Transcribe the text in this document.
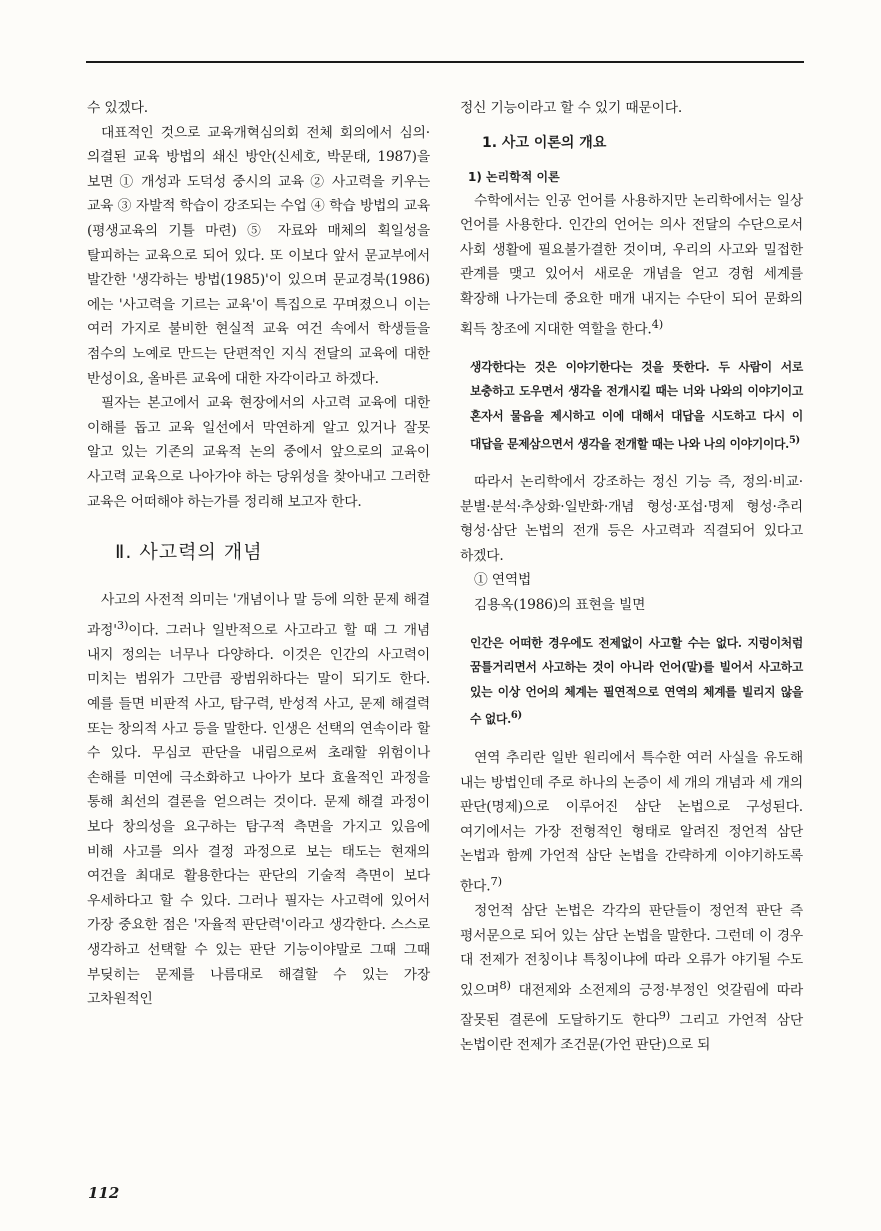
수 있겠다.

대표적인 것으로 교육개혁심의회 전체 회의에서 심의·의결된 교육 방법의 쇄신 방안(신세호, 박문태, 1987)을 보면 ① 개성과 도덕성 중시의 교육 ② 사고력을 키우는 교육 ③ 자발적 학습이 강조되는 수업 ④ 학습 방법의 교육(평생교육의 기틀 마련) ⑤ 자료와 매체의 획일성을 탈피하는 교육으로 되어 있다. 또 이보다 앞서 문교부에서 발간한 '생각하는 방법(1985)'이 있으며 문교경북(1986)에는 '사고력을 기르는 교육'이 특집으로 꾸며졌으니 이는 여러 가지로 불비한 현실적 교육 여건 속에서 학생들을 점수의 노예로 만드는 단편적인 지식 전달의 교육에 대한 반성이요, 올바른 교육에 대한 자각이라고 하겠다.

필자는 본고에서 교육 현장에서의 사고력 교육에 대한 이해를 돕고 교육 일선에서 막연하게 알고 있거나 잘못 알고 있는 기존의 교육적 논의 중에서 앞으로의 교육이 사고력 교육으로 나아가야 하는 당위성을 찾아내고 그러한 교육은 어떠해야 하는가를 정리해 보고자 한다.

Ⅱ. 사고력의 개념

사고의 사전적 의미는 '개념이나 말 등에 의한 문제 해결 과정'$^{3)}$이다. 그러나 일반적으로 사고라고 할 때 그 개념 내지 정의는 너무나 다양하다. 이것은 인간의 사고력이 미치는 범위가 그만큼 광범위하다는 말이 되기도 한다. 예를 들면 비판적 사고, 탐구력, 반성적 사고, 문제 해결력 또는 창의적 사고 등을 말한다. 인생은 선택의 연속이라 할 수 있다. 무심코 판단을 내림으로써 초래할 위험이나 손해를 미연에 극소화하고 나아가 보다 효율적인 과정을 통해 최선의 결론을 얻으려는 것이다. 문제 해결 과정이 보다 창의성을 요구하는 탐구적 측면을 가지고 있음에 비해 사고를 의사 결정 과정으로 보는 태도는 현재의 여건을 최대로 활용한다는 판단의 기술적 측면이 보다 우세하다고 할 수 있다. 그러나 필자는 사고력에 있어서 가장 중요한 점은 '자율적 판단력'이라고 생각한다. 스스로 생각하고 선택할 수 있는 판단 기능이야말로 그때 그때 부딪히는 문제를 나름대로 해결할 수 있는 가장 고차원적인

정신 기능이라고 할 수 있기 때문이다.

1. 사고 이론의 개요
1) 논리학적 이론

수학에서는 인공 언어를 사용하지만 논리학에서는 일상 언어를 사용한다. 인간의 언어는 의사 전달의 수단으로서 사회 생활에 필요불가결한 것이며, 우리의 사고와 밀접한 관계를 맺고 있어서 새로운 개념을 얻고 경험 세계를 확장해 나가는데 중요한 매개 내지는 수단이 되어 문화의 획득 창조에 지대한 역할을 한다.$^{4)}$

생각한다는 것은 이야기한다는 것을 뜻한다. 두 사람이 서로 보충하고 도우면서 생각을 전개시킬 때는 너와 나와의 이야기이고 혼자서 물음을 제시하고 이에 대해서 대답을 시도하고 다시 이 대답을 문제삼으면서 생각을 전개할 때는 나와 나의 이야기이다.$^{5)}$

따라서 논리학에서 강조하는 정신 기능 즉, 정의·비교·분별·분석·추상화·일반화·개념 형성·포섭·명제 형성·추리 형성·삼단 논법의 전개 등은 사고력과 직결되어 있다고 하겠다.

① 연역법

김용옥(1986)의 표현을 빌면

인간은 어떠한 경우에도 전제없이 사고할 수는 없다. 지렁이처럼 꿈틀거리면서 사고하는 것이 아니라 언어(말)를 빌어서 사고하고 있는 이상 언어의 체계는 필연적으로 연역의 체계를 빌리지 않을 수 없다.$^{6)}$

연역 추리란 일반 원리에서 특수한 여러 사실을 유도해 내는 방법인데 주로 하나의 논증이 세 개의 개념과 세 개의 판단(명제)으로 이루어진 삼단 논법으로 구성된다. 여기에서는 가장 전형적인 형태로 알려진 정언적 삼단 논법과 함께 가언적 삼단 논법을 간략하게 이야기하도록 한다.$^{7)}$

정언적 삼단 논법은 각각의 판단들이 정언적 판단 즉 평서문으로 되어 있는 삼단 논법을 말한다. 그런데 이 경우 대 전제가 전칭이냐 특칭이냐에 따라 오류가 야기될 수도 있으며$^{8)}$ 대전제와 소전제의 긍정·부정인 엇갈림에 따라 잘못된 결론에 도달하기도 한다$^{9)}$ 그리고 가언적 삼단 논법이란 전제가 조건문(가언 판단)으로 되

112
